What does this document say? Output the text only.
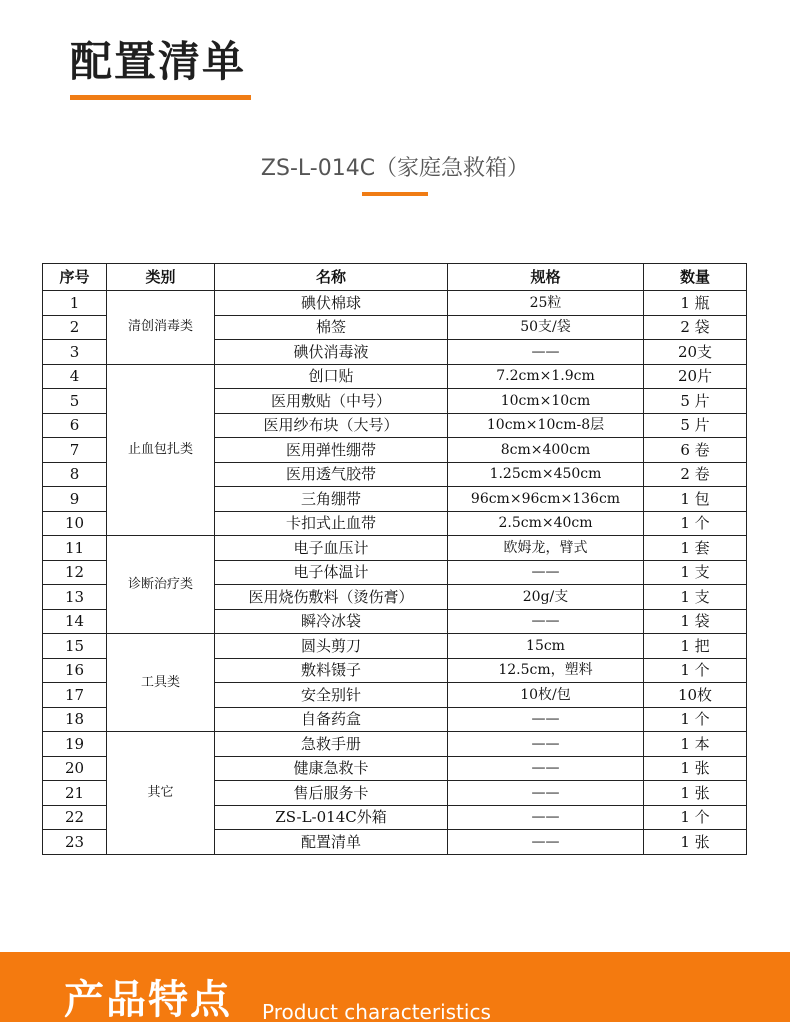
配置清单
ZS-L-014C（家庭急救箱）
序号	类别	名称	规格	数量
1	清创消毒类	碘伏棉球	25粒	1 瓶
2		棉签	50支/袋	2 袋
3		碘伏消毒液	——	20支
4	止血包扎类	创口贴	7.2cm×1.9cm	20片
5		医用敷贴（中号）	10cm×10cm	5 片
6		医用纱布块（大号）	10cm×10cm-8层	5 片
7		医用弹性绷带	8cm×400cm	6 卷
8		医用透气胶带	1.25cm×450cm	2 卷
9		三角绷带	96cm×96cm×136cm	1 包
10		卡扣式止血带	2.5cm×40cm	1 个
11	诊断治疗类	电子血压计	欧姆龙，臂式	1 套
12		电子体温计	——	1 支
13		医用烧伤敷料（烫伤膏）	20g/支	1 支
14		瞬冷冰袋	——	1 袋
15	工具类	圆头剪刀	15cm	1 把
16		敷料镊子	12.5cm，塑料	1 个
17		安全别针	10枚/包	10枚
18		自备药盒	——	1 个
19	其它	急救手册	——	1 本
20		健康急救卡	——	1 张
21		售后服务卡	——	1 张
22		ZS-L-014C外箱	——	1 个
23		配置清单	——	1 张
产品特点 Product characteristics
